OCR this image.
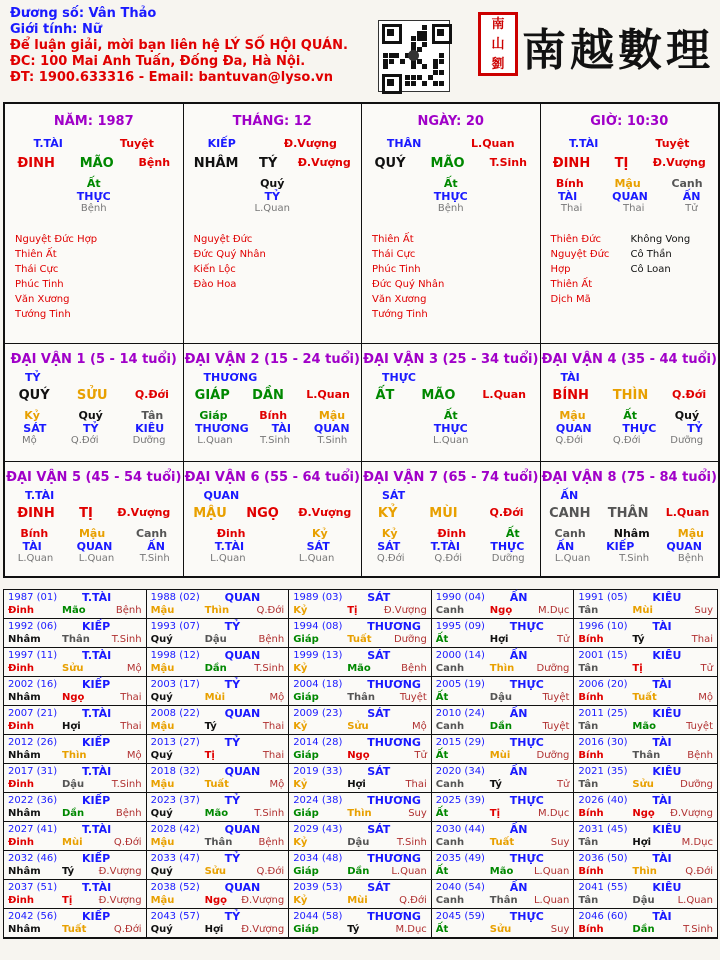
Đương số: Vân Thảo
Giới tính: Nữ
Để luận giải, mời bạn liên hệ LÝ SỐ HỘI QUÁN.
ĐC: 100 Mai Anh Tuấn, Đống Đa, Hà Nội.
ĐT: 1900.633316 - Email: bantuvan@lyso.vn
南
山
劉 南越數理
NĂM: 1987
T.TÀI	Tuyệt
ĐINH MÃO Bệnh
Ất
THỰC
Bệnh
Nguyệt Đức Hợp
Thiên Ất
Thái Cực
Phúc Tinh
Văn Xương
Tướng Tinh
THÁNG: 12
KIẾP	Đ.Vượng
NHÂM TÝ Đ.Vượng
Quý
TỶ
L.Quan
Nguyệt Đức
Đức Quý Nhân
Kiến Lộc
Đào Hoa
NGÀY: 20
THÂN	L.Quan
QUÝ MÃO T.Sinh
Ất
THỰC
Bệnh
Thiên Ất
Thái Cực
Phúc Tinh
Đức Quý Nhân
Văn Xương
Tướng Tinh
GIỜ: 10:30
T.TÀI	Tuyệt
ĐINH TỊ Đ.Vượng
Bính	Mậu	Canh
TÀI	QUAN	ẤN
Thai	Thai	Tử
Thiên Đức
Nguyệt Đức Hợp
Thiên Ất
Dịch Mã
Không Vong
Cô Thần
Cô Loan
ĐẠI VẬN 1 (5 - 14 tuổi)
TỶ
QUÝ SỬU Q.Đới
Kỷ	Quý	Tân
SÁT	TỶ	KIÊU
Mộ	Q.Đới	Dưỡng
ĐẠI VẬN 2 (15 - 24 tuổi)
THƯƠNG
GIÁP DẦN L.Quan
Giáp	Bính	Mậu
THƯƠNG TÀI QUAN
L.Quan	T.Sinh	T.Sinh
ĐẠI VẬN 3 (25 - 34 tuổi)
THỰC
ẤT MÃO L.Quan
Ất
THỰC
L.Quan
ĐẠI VẬN 4 (35 - 44 tuổi)
TÀI
BÍNH THÌN Q.Đới
Mậu	Ất	Quý
QUAN	THỰC	TỶ
Q.Đới	Q.Đới	Dưỡng
ĐẠI VẬN 5 (45 - 54 tuổi)
T.TÀI
ĐINH TỊ Đ.Vượng
Bính	Mậu	Canh
TÀI	QUAN	ẤN
L.Quan	L.Quan	T.Sinh
ĐẠI VẬN 6 (55 - 64 tuổi)
QUAN
MẬU NGỌ Đ.Vượng
Đinh	Kỷ
T.TÀI	SÁT
L.Quan	L.Quan
ĐẠI VẬN 7 (65 - 74 tuổi)
SÁT
KỶ MÙI	Q.Đới
Kỷ	Đinh	Ất
SÁT	T.TÀI	THỰC
Q.Đới	Q.Đới	Dưỡng
ĐẠI VẬN 8 (75 - 84 tuổi)
ẤN
CANH THÂN L.Quan
Canh	Nhâm	Mậu
ẤN	KIẾP	QUAN
L.Quan	T.Sinh	Bệnh
1987 (01) T.TÀI
Đinh	Mão	Bệnh
1988 (02) QUAN
Mậu	Thìn	Q.Đới
1989 (03) SÁT
Kỷ	Tị	Đ.Vượng
1990 (04) ẤN
Canh	Ngọ	M.Dục
1991 (05) KIÊU
Tân	Mùi	Suy
1992 (06) KIẾP
Nhâm Thân T.Sinh
1993 (07) TỶ
Quý	Dậu	Bệnh
1994 (08) THƯƠNG
Giáp	Tuất Dưỡng
1995 (09) THỰC
Ất	Hợi	Tử
1996 (10) TÀI
Bính	Tý	Thai
1997 (11) T.TÀI
Đinh	Sửu	Mộ
1998 (12) QUAN
Mậu	Dần	T.Sinh
1999 (13) SÁT
Kỷ	Mão	Bệnh
2000 (14) ẤN
Canh	Thìn Dưỡng
2001 (15) KIÊU
Tân	Tị	Tử
2002 (16) KIẾP
Nhâm Ngọ	Thai
2003 (17) TỶ
Quý	Mùi	Mộ
2004 (18) THƯƠNG
Giáp	Thân Tuyệt
2005 (19) THỰC
Ất	Dậu	Tuyệt
2006 (20) TÀI
Bính	Tuất	Mộ
2007 (21) T.TÀI
Đinh	Hợi	Thai
2008 (22) QUAN
Mậu	Tý	Thai
2009 (23) SÁT
Kỷ	Sửu	Mộ
2010 (24) ẤN
Canh	Dần	Tuyệt
2011 (25) KIÊU
Tân	Mão	Tuyệt
2012 (26) KIẾP
Nhâm Thìn	Mộ
2013 (27) TỶ
Quý	Tị	Thai
2014 (28) THƯƠNG
Giáp	Ngọ	Tử
2015 (29) THỰC
Ất	Mùi	Dưỡng
2016 (30) TÀI
Bính	Thân	Bệnh
2017 (31) T.TÀI
Đinh	Dậu	T.Sinh
2018 (32) QUAN
Mậu	Tuất	Mộ
2019 (33) SÁT
Kỷ	Hợi	Thai
2020 (34) ẤN
Canh	Tý	Tử
2021 (35) KIÊU
Tân	Sửu	Dưỡng
2022 (36) KIẾP
Nhâm Dần	Bệnh
2023 (37) TỶ
Quý	Mão	T.Sinh
2024 (38) THƯƠNG
Giáp	Thìn	Suy
2025 (39) THỰC
Ất	Tị	M.Dục
2026 (40) TÀI
Bính	Ngọ Đ.Vượng
2027 (41) T.TÀI
Đinh	Mùi	Q.Đới
2028 (42) QUAN
Mậu	Thân	Bệnh
2029 (43) SÁT
Kỷ	Dậu	T.Sinh
2030 (44) ẤN
Canh	Tuất	Suy
2031 (45) KIÊU
Tân	Hợi	M.Dục
2032 (46) KIẾP
Nhâm Tý Đ.Vượng
2033 (47) TỶ
Quý	Sửu	Q.Đới
2034 (48) THƯƠNG
Giáp	Dần L.Quan
2035 (49) THỰC
Ất	Mão L.Quan
2036 (50) TÀI
Bính	Thìn	Q.Đới
2037 (51) T.TÀI
Đinh	Tị	Đ.Vượng
2038 (52) QUAN
Mậu	Ngọ Đ.Vượng
2039 (53) SÁT
Kỷ	Mùi	Q.Đới
2040 (54) ẤN
Canh	Thân L.Quan
2041 (55) KIÊU
Tân	Dậu L.Quan
2042 (56) KIẾP
Nhâm Tuất	Q.Đới
2043 (57) TỶ
Quý	Hợi Đ.Vượng
2044 (58) THƯƠNG
Giáp	Tý	M.Dục
2045 (59) THỰC
Ất	Sửu	Suy
2046 (60) TÀI
Bính	Dần	T.Sinh
